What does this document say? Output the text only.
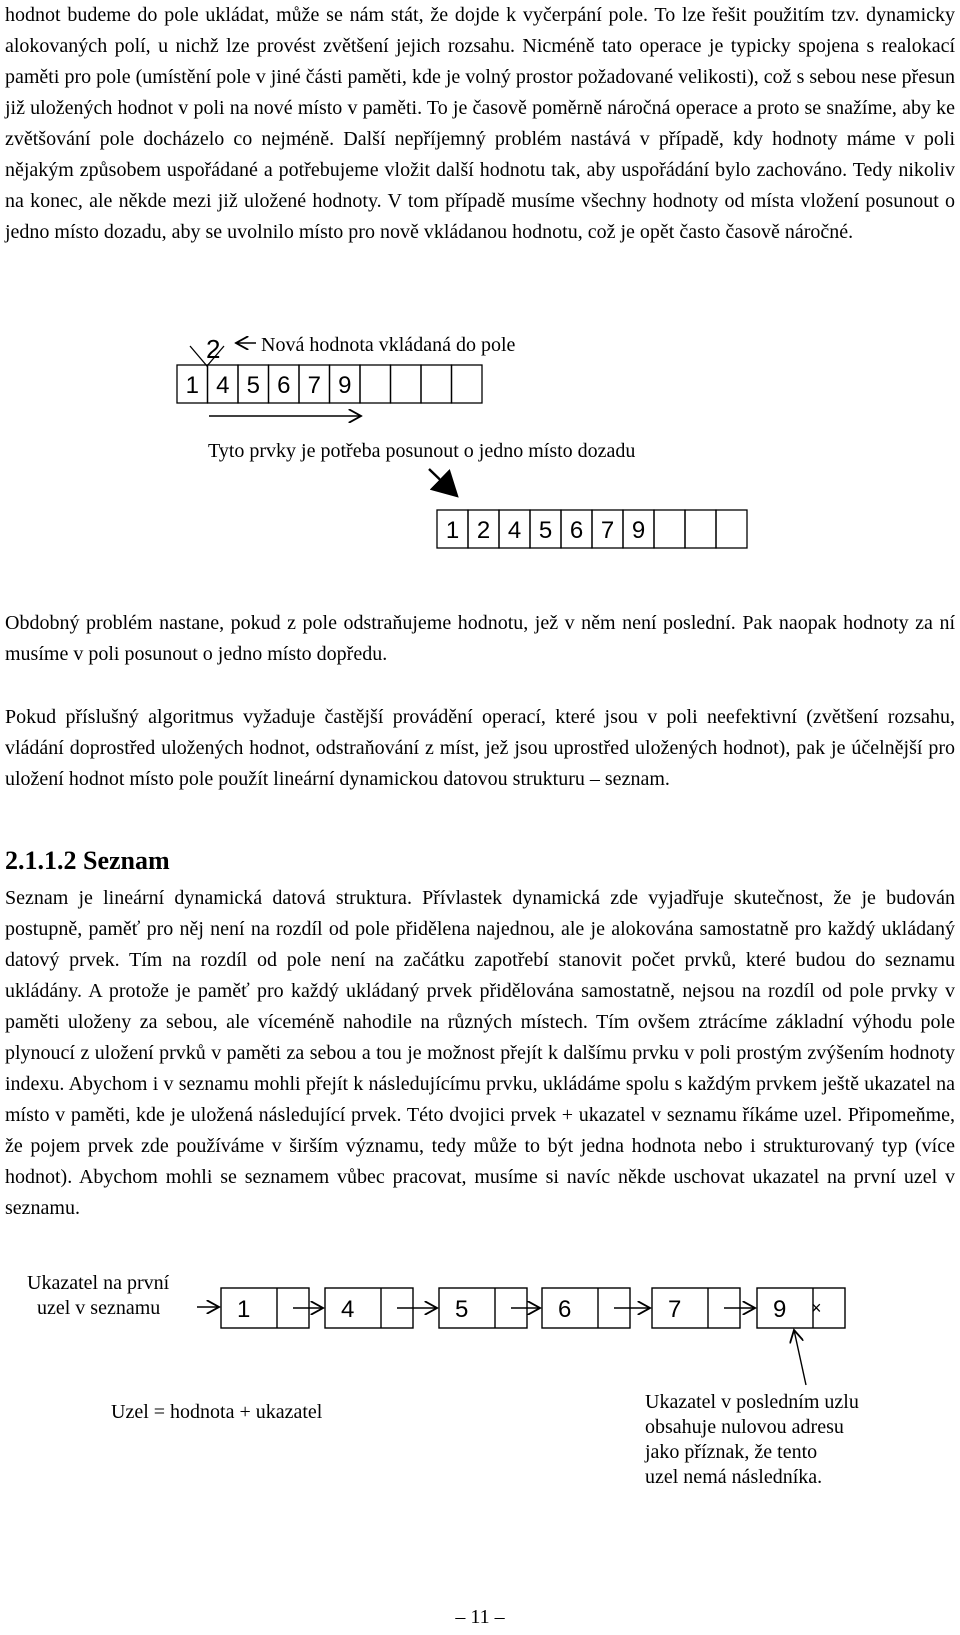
hodnot budeme do pole ukládat, může se nám stát, že dojde k vyčerpání pole. To lze řešit použitím tzv. dynamicky alokovaných polí, u nichž lze provést zvětšení jejich rozsahu. Nicméně tato operace je typicky spojena s realokací paměti pro pole (umístění pole v jiné části paměti, kde je volný prostor požadované velikosti), což s sebou nese přesun již uložených hodnot v poli na nové místo v paměti. To je časově poměrně náročná operace a proto se snažíme, aby ke zvětšování pole docházelo co nejméně. Další nepříjemný problém nastává v případě, kdy hodnoty máme v poli nějakým způsobem uspořádané a potřebujeme vložit další hodnotu tak, aby uspořádání bylo zachováno. Tedy nikoliv na konec, ale někde mezi již uložené hodnoty. V tom případě musíme všechny hodnoty od místa vložení posunout o jedno místo dozadu, aby se uvolnilo místo pro nově vkládanou hodnotu, což je opět často časově náročné.

2 Nová hodnota vkládaná do pole
1 4 5 6 7 9
Tyto prvky je potřeba posunout o jedno místo dozadu
1 2 4 5 6 7 9

Obdobný problém nastane, pokud z pole odstraňujeme hodnotu, jež v něm není poslední. Pak naopak hodnoty za ní musíme v poli posunout o jedno místo dopředu.

Pokud příslušný algoritmus vyžaduje častější provádění operací, které jsou v poli neefektivní (zvětšení rozsahu, vládání doprostřed uložených hodnot, odstraňování z míst, jež jsou uprostřed uložených hodnot), pak je účelnější pro uložení hodnot místo pole použít lineární dynamickou datovou strukturu – seznam.

2.1.1.2 Seznam

Seznam je lineární dynamická datová struktura. Přívlastek dynamická zde vyjadřuje skutečnost, že je budován postupně, paměť pro něj není na rozdíl od pole přidělena najednou, ale je alokována samostatně pro každý ukládaný datový prvek. Tím na rozdíl od pole není na začátku zapotřebí stanovit počet prvků, které budou do seznamu ukládány. A protože je paměť pro každý ukládaný prvek přidělována samostatně, nejsou na rozdíl od pole prvky v paměti uloženy za sebou, ale víceméně nahodile na různých místech. Tím ovšem ztrácíme základní výhodu pole plynoucí z uložení prvků v paměti za sebou a tou je možnost přejít k dalšímu prvku v poli prostým zvýšením hodnoty indexu. Abychom i v seznamu mohli přejít k následujícímu prvku, ukládáme spolu s každým prvkem ještě ukazatel na místo v paměti, kde je uložená následující prvek. Této dvojici prvek + ukazatel v seznamu říkáme uzel. Připomeňme, že pojem prvek zde používáme v širším významu, tedy může to být jedna hodnota nebo i strukturovaný typ (více hodnot). Abychom mohli se seznamem vůbec pracovat, musíme si navíc někde uschovat ukazatel na první uzel v seznamu.

Ukazatel na první
uzel v seznamu	1	4	5	6	7	9 ×
Uzel = hodnota + ukazatel	Ukazatel v posledním uzlu
obsahuje nulovou adresu
jako příznak, že tento
uzel nemá následníka.
– 11 –
